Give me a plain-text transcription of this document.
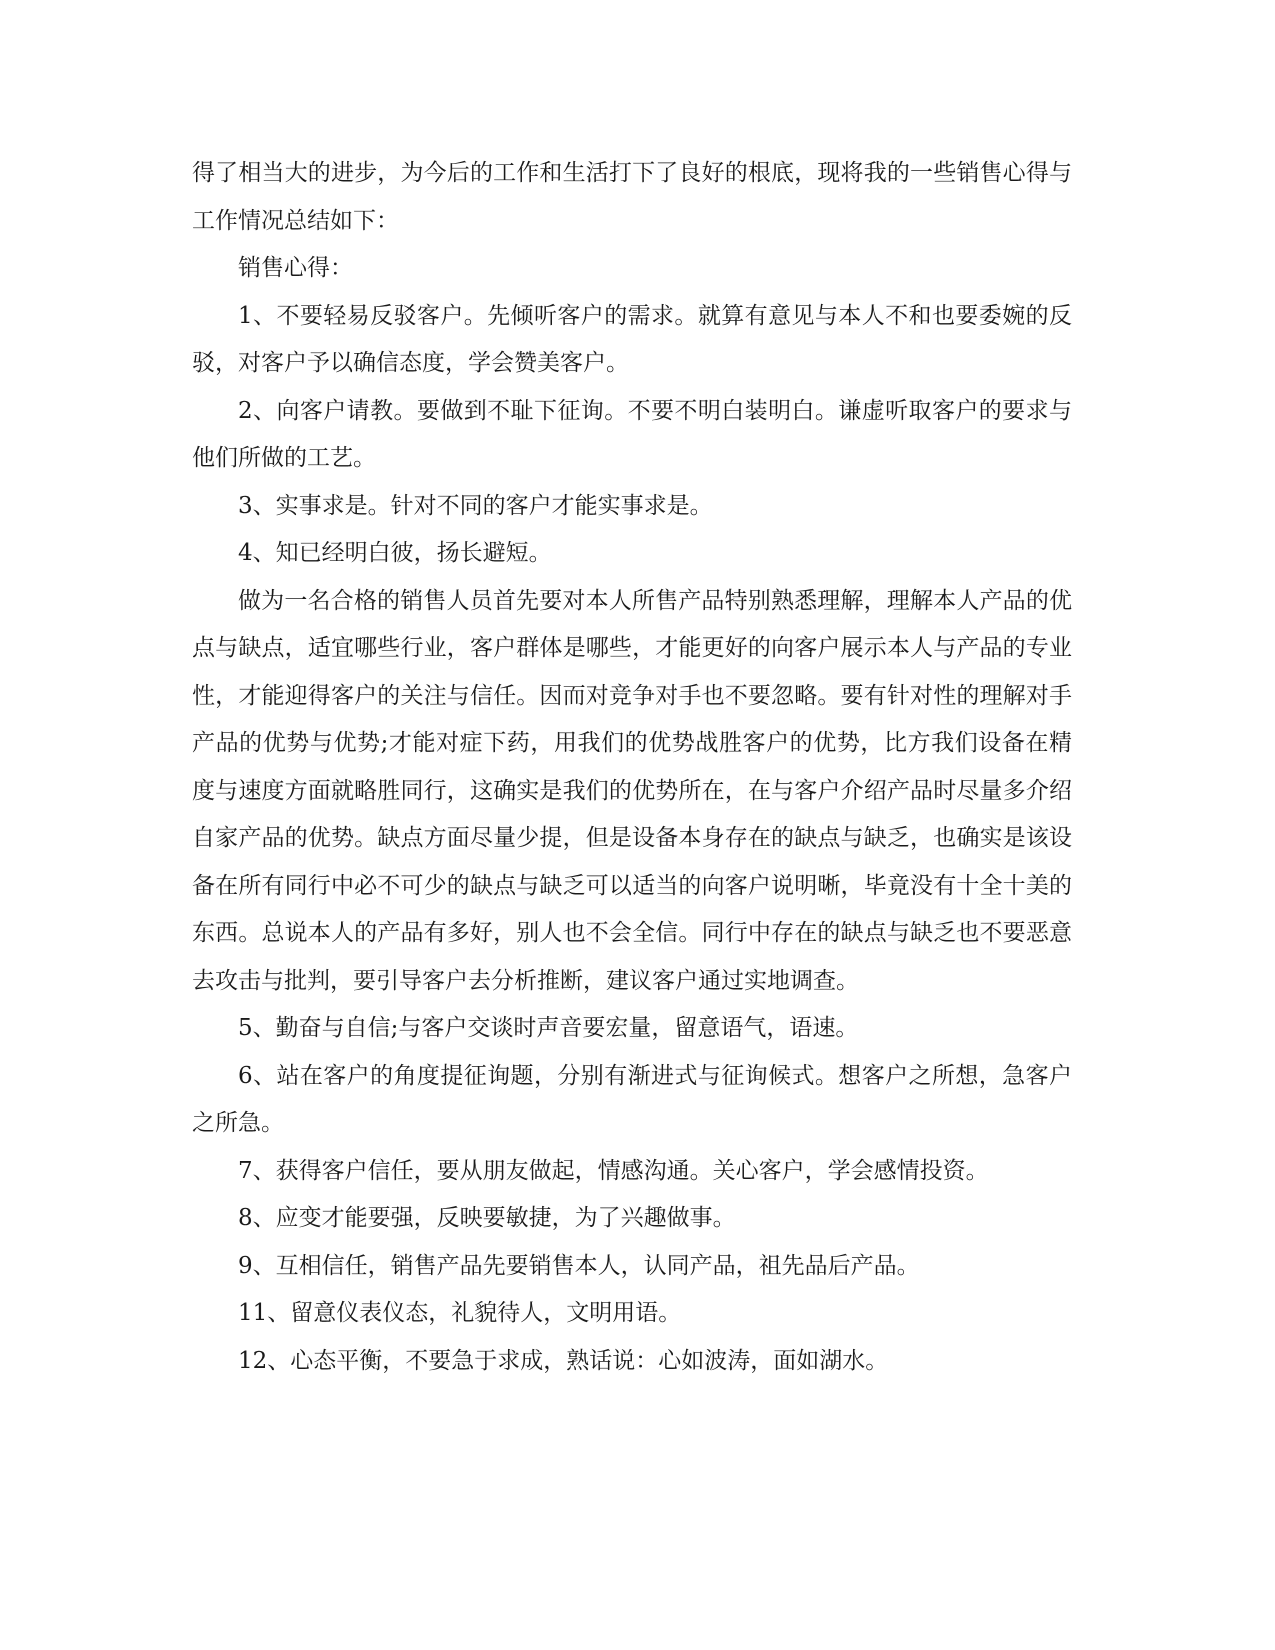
得了相当大的进步，为今后的工作和生活打下了良好的根底，现将我的一些销售心得与工作情况总结如下：

销售心得：

1、不要轻易反驳客户。先倾听客户的需求。就算有意见与本人不和也要委婉的反驳，对客户予以确信态度，学会赞美客户。

2、向客户请教。要做到不耻下征询。不要不明白装明白。谦虚听取客户的要求与他们所做的工艺。

3、实事求是。针对不同的客户才能实事求是。

4、知已经明白彼，扬长避短。

做为一名合格的销售人员首先要对本人所售产品特别熟悉理解，理解本人产品的优点与缺点，适宜哪些行业，客户群体是哪些，才能更好的向客户展示本人与产品的专业性，才能迎得客户的关注与信任。因而对竞争对手也不要忽略。要有针对性的理解对手产品的优势与优势;才能对症下药，用我们的优势战胜客户的优势，比方我们设备在精度与速度方面就略胜同行，这确实是我们的优势所在，在与客户介绍产品时尽量多介绍自家产品的优势。缺点方面尽量少提，但是设备本身存在的缺点与缺乏，也确实是该设备在所有同行中必不可少的缺点与缺乏可以适当的向客户说明晰，毕竟没有十全十美的东西。总说本人的产品有多好，别人也不会全信。同行中存在的缺点与缺乏也不要恶意去攻击与批判，要引导客户去分析推断，建议客户通过实地调查。

5、勤奋与自信;与客户交谈时声音要宏量，留意语气，语速。

6、站在客户的角度提征询题，分别有渐进式与征询候式。想客户之所想，急客户之所急。

7、获得客户信任，要从朋友做起，情感沟通。关心客户，学会感情投资。

8、应变才能要强，反映要敏捷，为了兴趣做事。

9、互相信任，销售产品先要销售本人，认同产品，祖先品后产品。

11、留意仪表仪态，礼貌待人，文明用语。

12、心态平衡，不要急于求成，熟话说：心如波涛，面如湖水。
